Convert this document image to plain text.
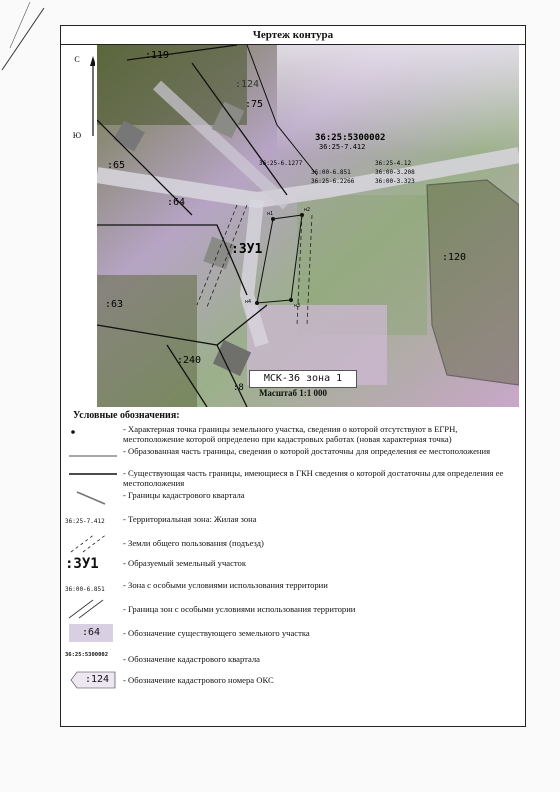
Чертеж контура
С
Ю
:119
:124
:75
:65
:64
:63
:240
:8
:120
:ЗУ1
36:25:5300002
36:25-7.412
36:25-6.1277
36:00-6.851
36:25-6.2266
36:25-4.12
36:00-3.208
36:00-3.323
н1
н2
н3
н4
МСК-36 зона 1
Масштаб 1:1 000
Условные обозначения:
- Характерная точка границы земельного участка, сведения о которой отсутствуют в ЕГРН, местоположение которой определено при кадастровых работах (новая характерная точка)
- Образованная часть границы, сведения о которой достаточны для определения ее местоположения
- Существующая часть границы, имеющиеся в ГКН сведения о которой достаточны для определения ее местоположения
- Границы кадастрового квартала
36:25-7.412	- Территориальная зона: Жилая зона
- Земли общего пользования (подъезд)
:ЗУ1	- Образуемый земельный участок
36:00-6.851	- Зона с особыми условиями использования территории
- Граница зон с особыми условиями использования территории
:64	- Обозначение существующего земельного участка
36:25:5300002	- Обозначение кадастрового квартала
:124	- Обозначение кадастрового номера ОКС
